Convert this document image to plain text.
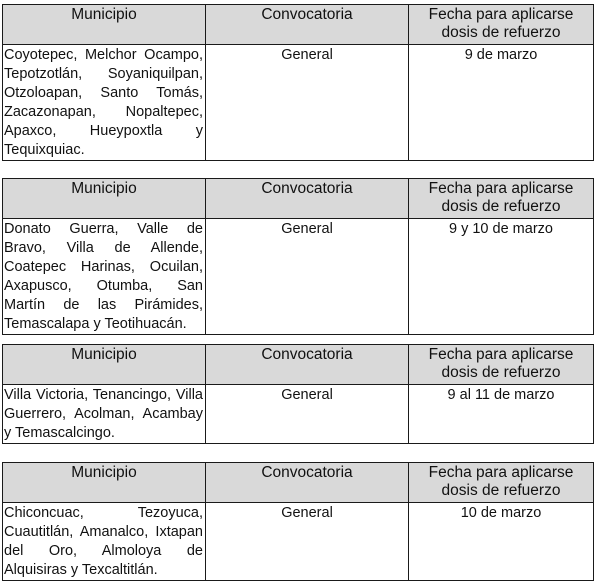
Municipio	Convocatoria	Fecha para aplicarse dosis de refuerzo
Coyotepec, Melchor Ocampo, Tepotzotlán, Soyaniquilpan, Otzoloapan, Santo Tomás, Zacazonapan, Nopaltepec, Apaxco, Hueypoxtla y Tequixquiac.	General	9 de marzo
Municipio	Convocatoria	Fecha para aplicarse dosis de refuerzo
Donato Guerra, Valle de Bravo, Villa de Allende, Coatepec Harinas, Ocuilan, Axapusco, Otumba, San Martín de las Pirámides, Temascalapa y Teotihuacán.	General	9 y 10 de marzo
Municipio	Convocatoria	Fecha para aplicarse dosis de refuerzo
Villa Victoria, Tenancingo, Villa Guerrero, Acolman, Acambay y Temascalcingo.	General	9 al 11 de marzo
Municipio	Convocatoria	Fecha para aplicarse dosis de refuerzo
Chiconcuac, Tezoyuca, Cuautitlán, Amanalco, Ixtapan del Oro, Almoloya de Alquisiras y Texcaltitlán.	General	10 de marzo
